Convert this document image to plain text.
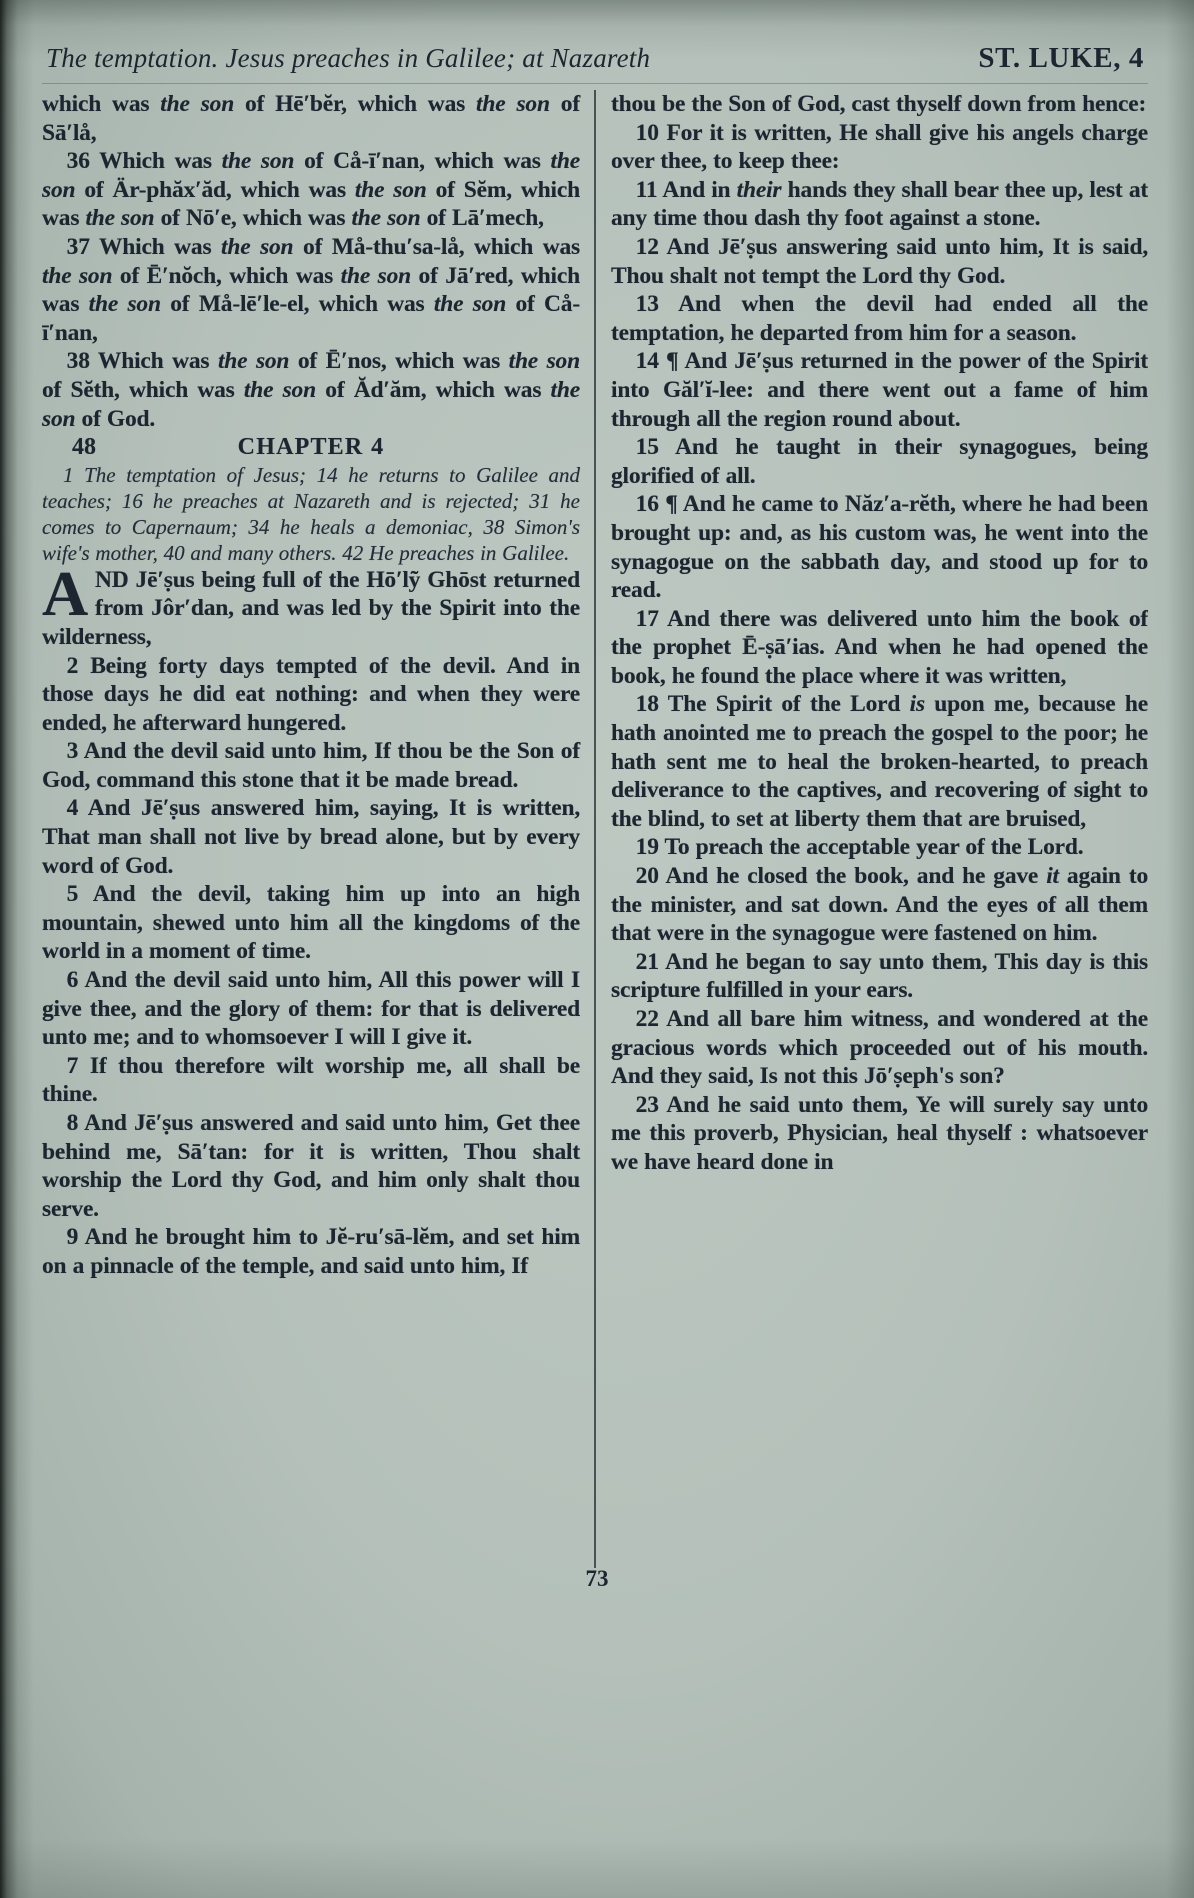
The temptation. Jesus preaches in Galilee; at Nazareth	ST. LUKE, 4

which was the son of Hē′bĕr, which was the son of Sā′lå,

36 Which was the son of Cå-ī′nan, which was the son of Är-phăx′ăd, which was the son of Sĕm, which was the son of Nō′e, which was the son of Lā′mech,

37 Which was the son of Må-thu′sa-lå, which was the son of Ē′nŏch, which was the son of Jā′red, which was the son of Må-lē′le-el, which was the son of Cå-ī′nan,

38 Which was the son of Ē′nos, which was the son of Sĕth, which was the son of Ăd′ăm, which was the son of God.

48	CHAPTER 4

1 The temptation of Jesus; 14 he returns to Galilee and teaches; 16 he preaches at Nazareth and is rejected; 31 he comes to Capernaum; 34 he heals a demoniac, 38 Simon's wife's mother, 40 and many others. 42 He preaches in Galilee.

AND Jē′ṣus being full of the Hō′lỹ Ghōst returned from Jôr′dan, and was led by the Spirit into the wilderness,

2 Being forty days tempted of the devil. And in those days he did eat nothing: and when they were ended, he afterward hungered.

3 And the devil said unto him, If thou be the Son of God, command this stone that it be made bread.

4 And Jē′ṣus answered him, saying, It is written, That man shall not live by bread alone, but by every word of God.

5 And the devil, taking him up into an high mountain, shewed unto him all the kingdoms of the world in a moment of time.

6 And the devil said unto him, All this power will I give thee, and the glory of them: for that is delivered unto me; and to whomsoever I will I give it.

7 If thou therefore wilt worship me, all shall be thine.

8 And Jē′ṣus answered and said unto him, Get thee behind me, Sā′tan: for it is written, Thou shalt worship the Lord thy God, and him only shalt thou serve.

9 And he brought him to Jĕ-ru′sā-lĕm, and set him on a pinnacle of the temple, and said unto him, If

thou be the Son of God, cast thyself down from hence:

10 For it is written, He shall give his angels charge over thee, to keep thee:

11 And in their hands they shall bear thee up, lest at any time thou dash thy foot against a stone.

12 And Jē′ṣus answering said unto him, It is said, Thou shalt not tempt the Lord thy God.

13 And when the devil had ended all the temptation, he departed from him for a season.

14 ¶ And Jē′ṣus returned in the power of the Spirit into Găl′ĭ-lee: and there went out a fame of him through all the region round about.

15 And he taught in their synagogues, being glorified of all.

16 ¶ And he came to Năz′a-rĕth, where he had been brought up: and, as his custom was, he went into the synagogue on the sabbath day, and stood up for to read.

17 And there was delivered unto him the book of the prophet Ē-ṣā′ias. And when he had opened the book, he found the place where it was written,

18 The Spirit of the Lord is upon me, because he hath anointed me to preach the gospel to the poor; he hath sent me to heal the broken-hearted, to preach deliverance to the captives, and recovering of sight to the blind, to set at liberty them that are bruised,

19 To preach the acceptable year of the Lord.

20 And he closed the book, and he gave it again to the minister, and sat down. And the eyes of all them that were in the synagogue were fastened on him.

21 And he began to say unto them, This day is this scripture fulfilled in your ears.

22 And all bare him witness, and wondered at the gracious words which proceeded out of his mouth. And they said, Is not this Jō′ṣeph's son?

23 And he said unto them, Ye will surely say unto me this proverb, Physician, heal thyself : whatsoever we have heard done in

73
